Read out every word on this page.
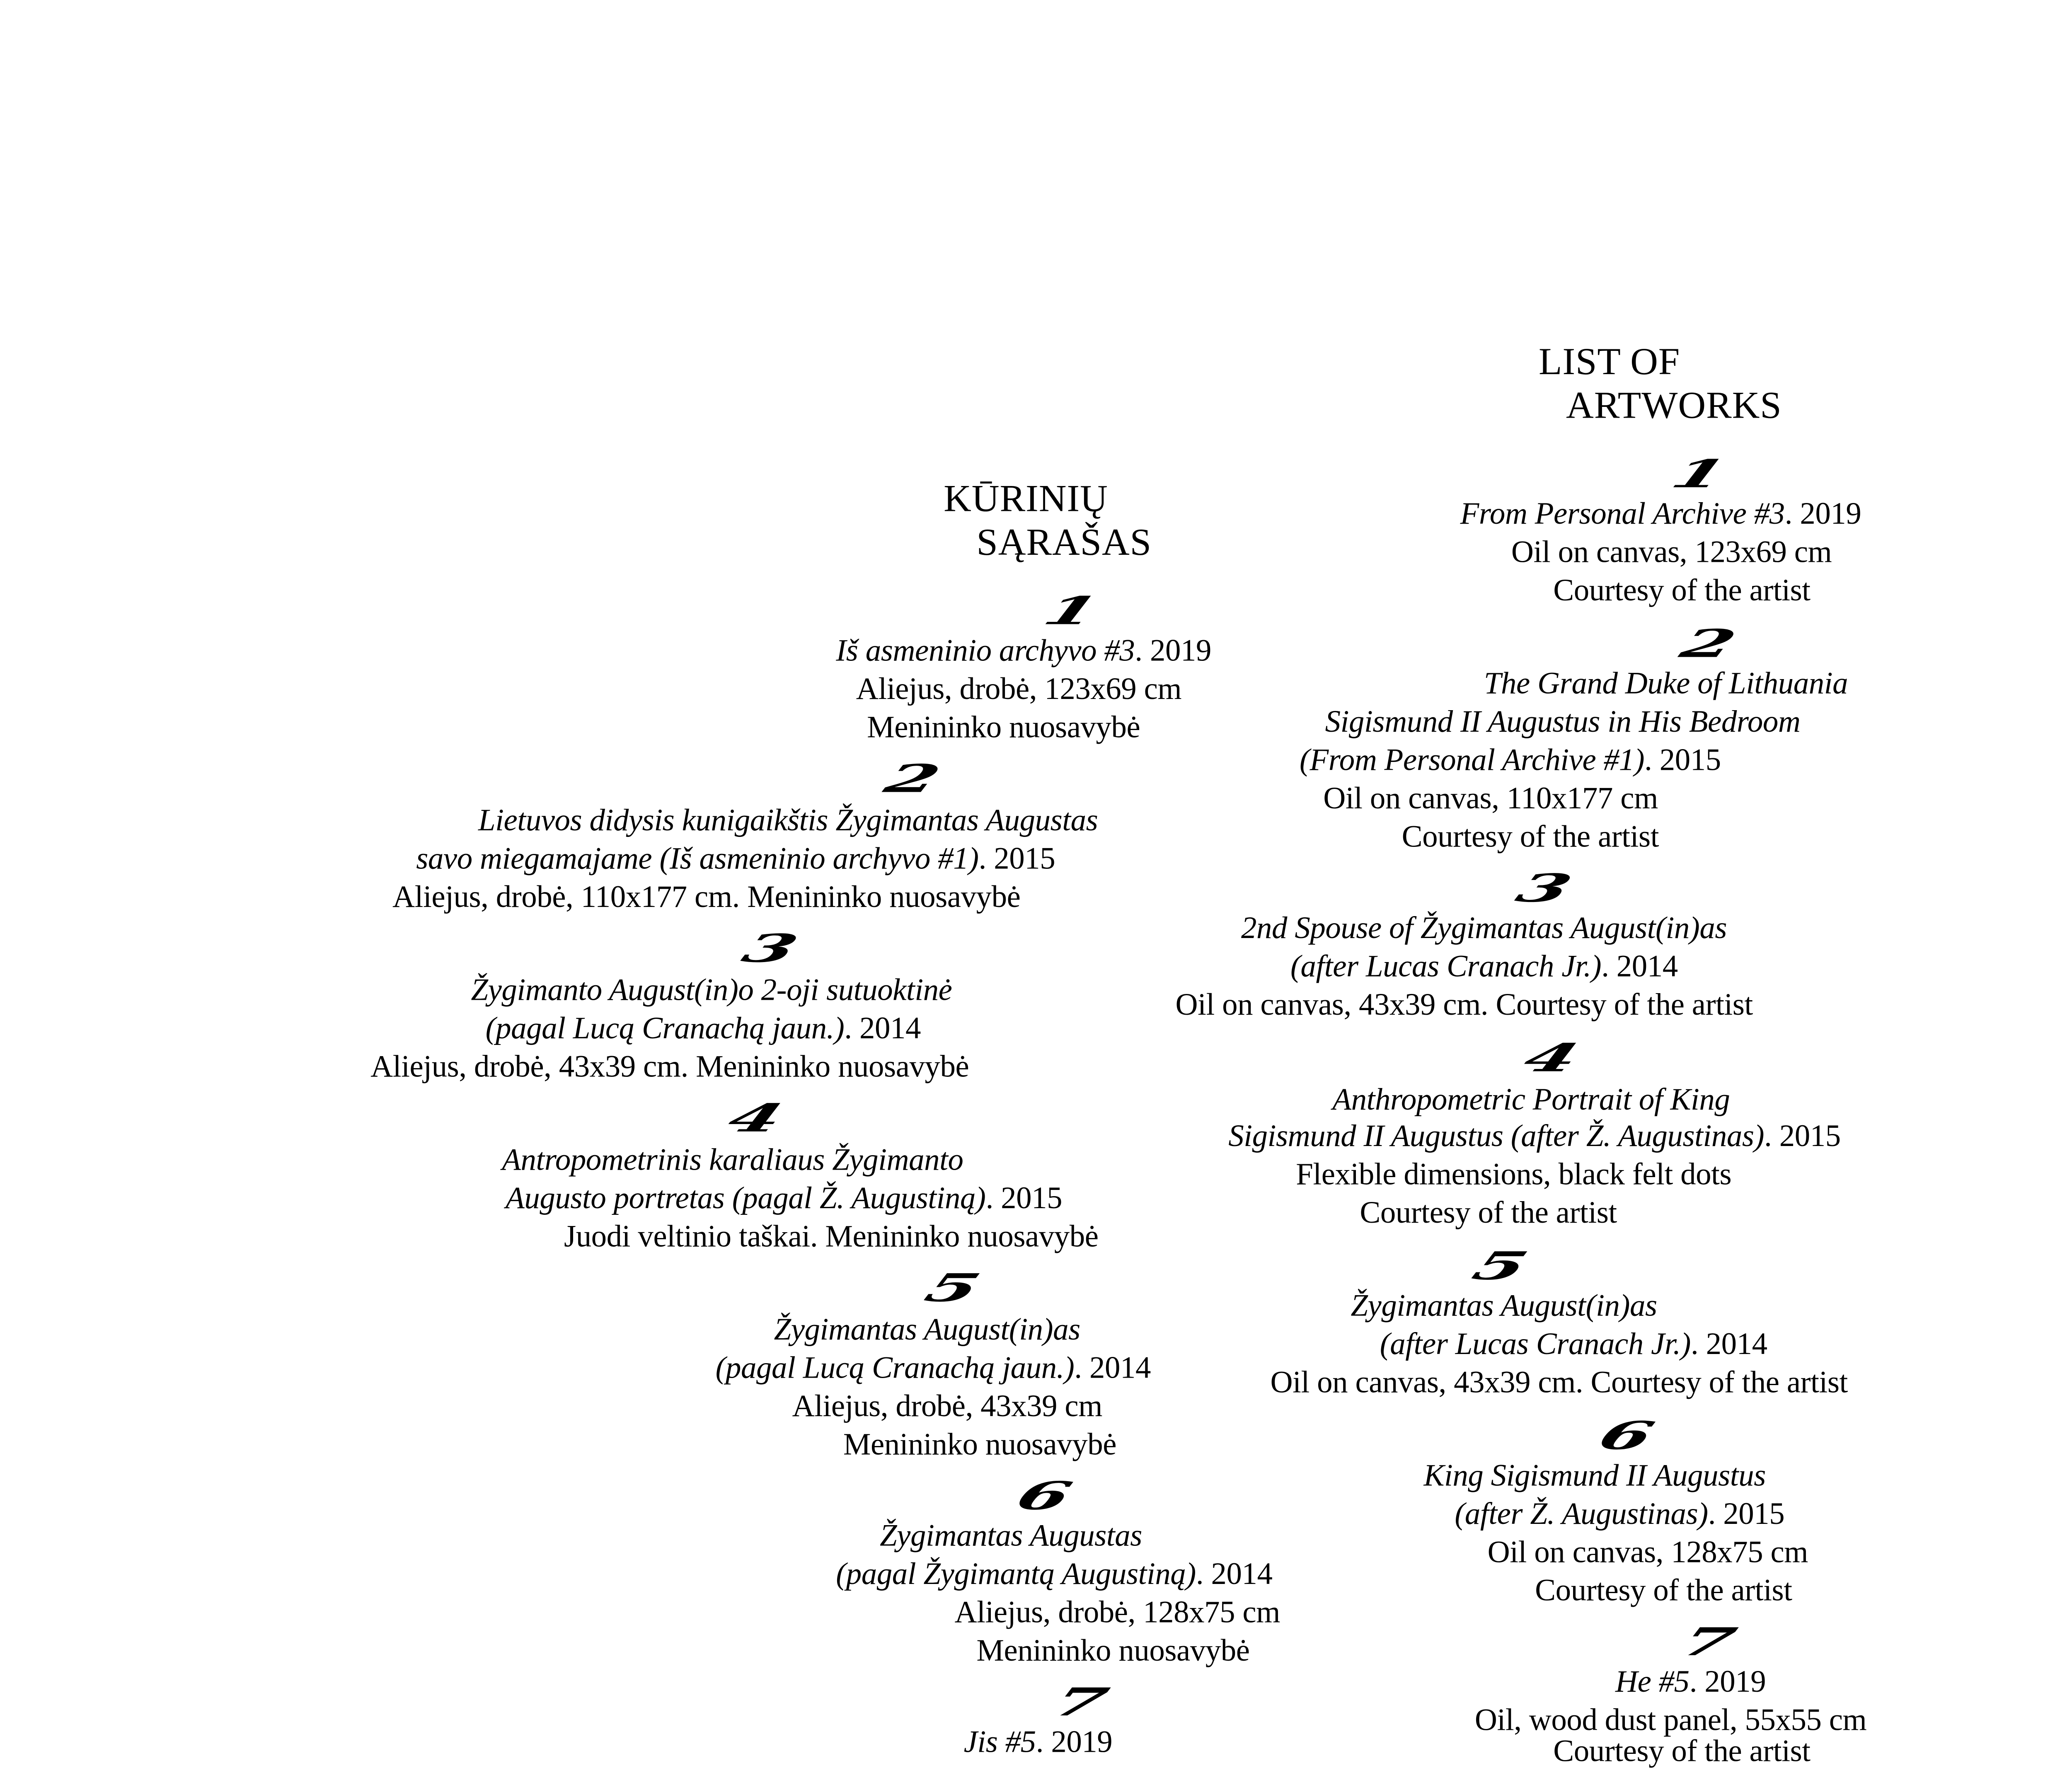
LIST OF
ARTWORKS
1
From Personal Archive #3. 2019
Oil on canvas, 123x69 cm
Courtesy of the artist
2
The Grand Duke of Lithuania
Sigismund II Augustus in His Bedroom
(From Personal Archive #1). 2015
Oil on canvas, 110x177 cm
Courtesy of the artist
3
2nd Spouse of Žygimantas August(in)as
(after Lucas Cranach Jr.). 2014
Oil on canvas, 43x39 cm. Courtesy of the artist
4
Anthropometric Portrait of King
Sigismund II Augustus (after Ž. Augustinas). 2015
Flexible dimensions, black felt dots
Courtesy of the artist
5
Žygimantas August(in)as
(after Lucas Cranach Jr.). 2014
Oil on canvas, 43x39 cm. Courtesy of the artist
6
King Sigismund II Augustus
(after Ž. Augustinas). 2015
Oil on canvas, 128x75 cm
Courtesy of the artist
7
He #5. 2019
Oil, wood dust panel, 55x55 cm
Courtesy of the artist
KŪRINIŲ
SĄRAŠAS
1
Iš asmeninio archyvo #3. 2019
Aliejus, drobė, 123x69 cm
Menininko nuosavybė
2
Lietuvos didysis kunigaikštis Žygimantas Augustas
savo miegamajame (Iš asmeninio archyvo #1). 2015
Aliejus, drobė, 110x177 cm. Menininko nuosavybė
3
Žygimanto August(in)o 2-oji sutuoktinė
(pagal Lucą Cranachą jaun.). 2014
Aliejus, drobė, 43x39 cm. Menininko nuosavybė
4
Antropometrinis karaliaus Žygimanto
Augusto portretas (pagal Ž. Augustiną). 2015
Juodi veltinio taškai. Menininko nuosavybė
5
Žygimantas August(in)as
(pagal Lucą Cranachą jaun.). 2014
Aliejus, drobė, 43x39 cm
Menininko nuosavybė
6
Žygimantas Augustas
(pagal Žygimantą Augustiną). 2014
Aliejus, drobė, 128x75 cm
Menininko nuosavybė
7
Jis #5. 2019
